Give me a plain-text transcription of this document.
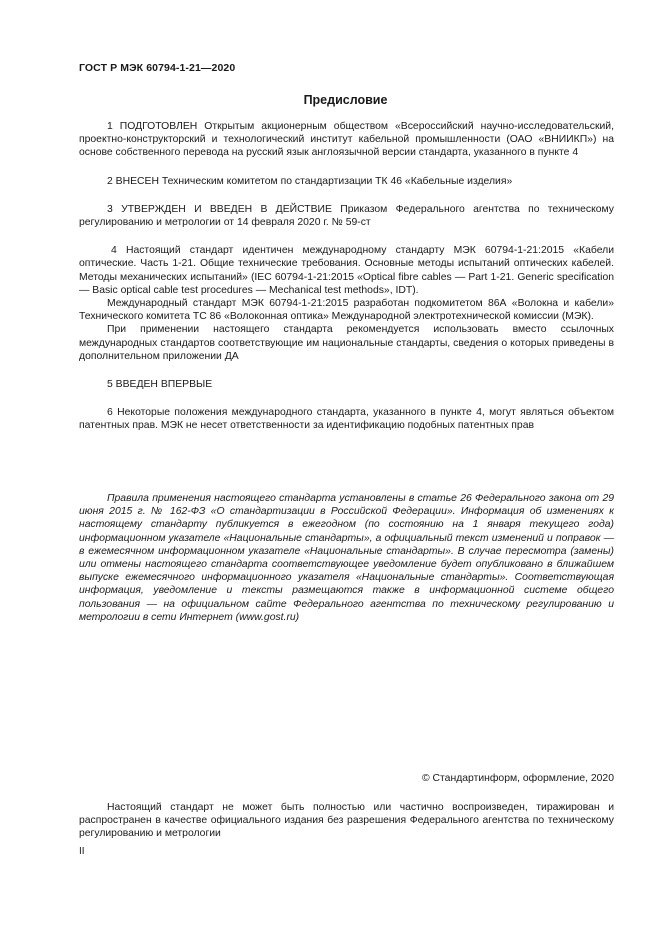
ГОСТ Р МЭК 60794-1-21—2020
Предисловие

1 ПОДГОТОВЛЕН Открытым акционерным обществом «Всероссийский научно-исследовательский, проектно-конструкторский и технологический институт кабельной промышленности (ОАО «ВНИИКП») на основе собственного перевода на русский язык англоязычной версии стандарта, указанного в пункте 4

2 ВНЕСЕН Техническим комитетом по стандартизации ТК 46 «Кабельные изделия»

3 УТВЕРЖДЕН И ВВЕДЕН В ДЕЙСТВИЕ Приказом Федерального агентства по техническому регулированию и метрологии от 14 февраля 2020 г. № 59-ст

4 Настоящий стандарт идентичен международному стандарту МЭК 60794-1-21:2015 «Кабели оптические. Часть 1-21. Общие технические требования. Основные методы испытаний оптических кабелей. Методы механических испытаний» (IEC 60794-1-21:2015 «Optical fibre cables — Part 1-21. Generic specification — Basic optical cable test procedures — Mechanical test methods», IDT).

Международный стандарт МЭК 60794-1-21:2015 разработан подкомитетом 86А «Волокна и кабели» Технического комитета ТС 86 «Волоконная оптика» Международной электротехнической комиссии (МЭК).

При применении настоящего стандарта рекомендуется использовать вместо ссылочных международных стандартов соответствующие им национальные стандарты, сведения о которых приведены в дополнительном приложении ДА

5 ВВЕДЕН ВПЕРВЫЕ

6 Некоторые положения международного стандарта, указанного в пункте 4, могут являться объектом патентных прав. МЭК не несет ответственности за идентификацию подобных патентных прав

Правила применения настоящего стандарта установлены в статье 26 Федерального закона от 29 июня 2015 г. № 162-ФЗ «О стандартизации в Российской Федерации». Информация об изменениях к настоящему стандарту публикуется в ежегодном (по состоянию на 1 января текущего года) информационном указателе «Национальные стандарты», а официальный текст изменений и поправок — в ежемесячном информационном указателе «Национальные стандарты». В случае пересмотра (замены) или отмены настоящего стандарта соответствующее уведомление будет опубликовано в ближайшем выпуске ежемесячного информационного указателя «Национальные стандарты». Соответствующая информация, уведомление и тексты размещаются также в информационной системе общего пользования — на официальном сайте Федерального агентства по техническому регулированию и метрологии в сети Интернет (www.gost.ru)

© Стандартинформ, оформление, 2020

Настоящий стандарт не может быть полностью или частично воспроизведен, тиражирован и распространен в качестве официального издания без разрешения Федерального агентства по техническому регулированию и метрологии

II
